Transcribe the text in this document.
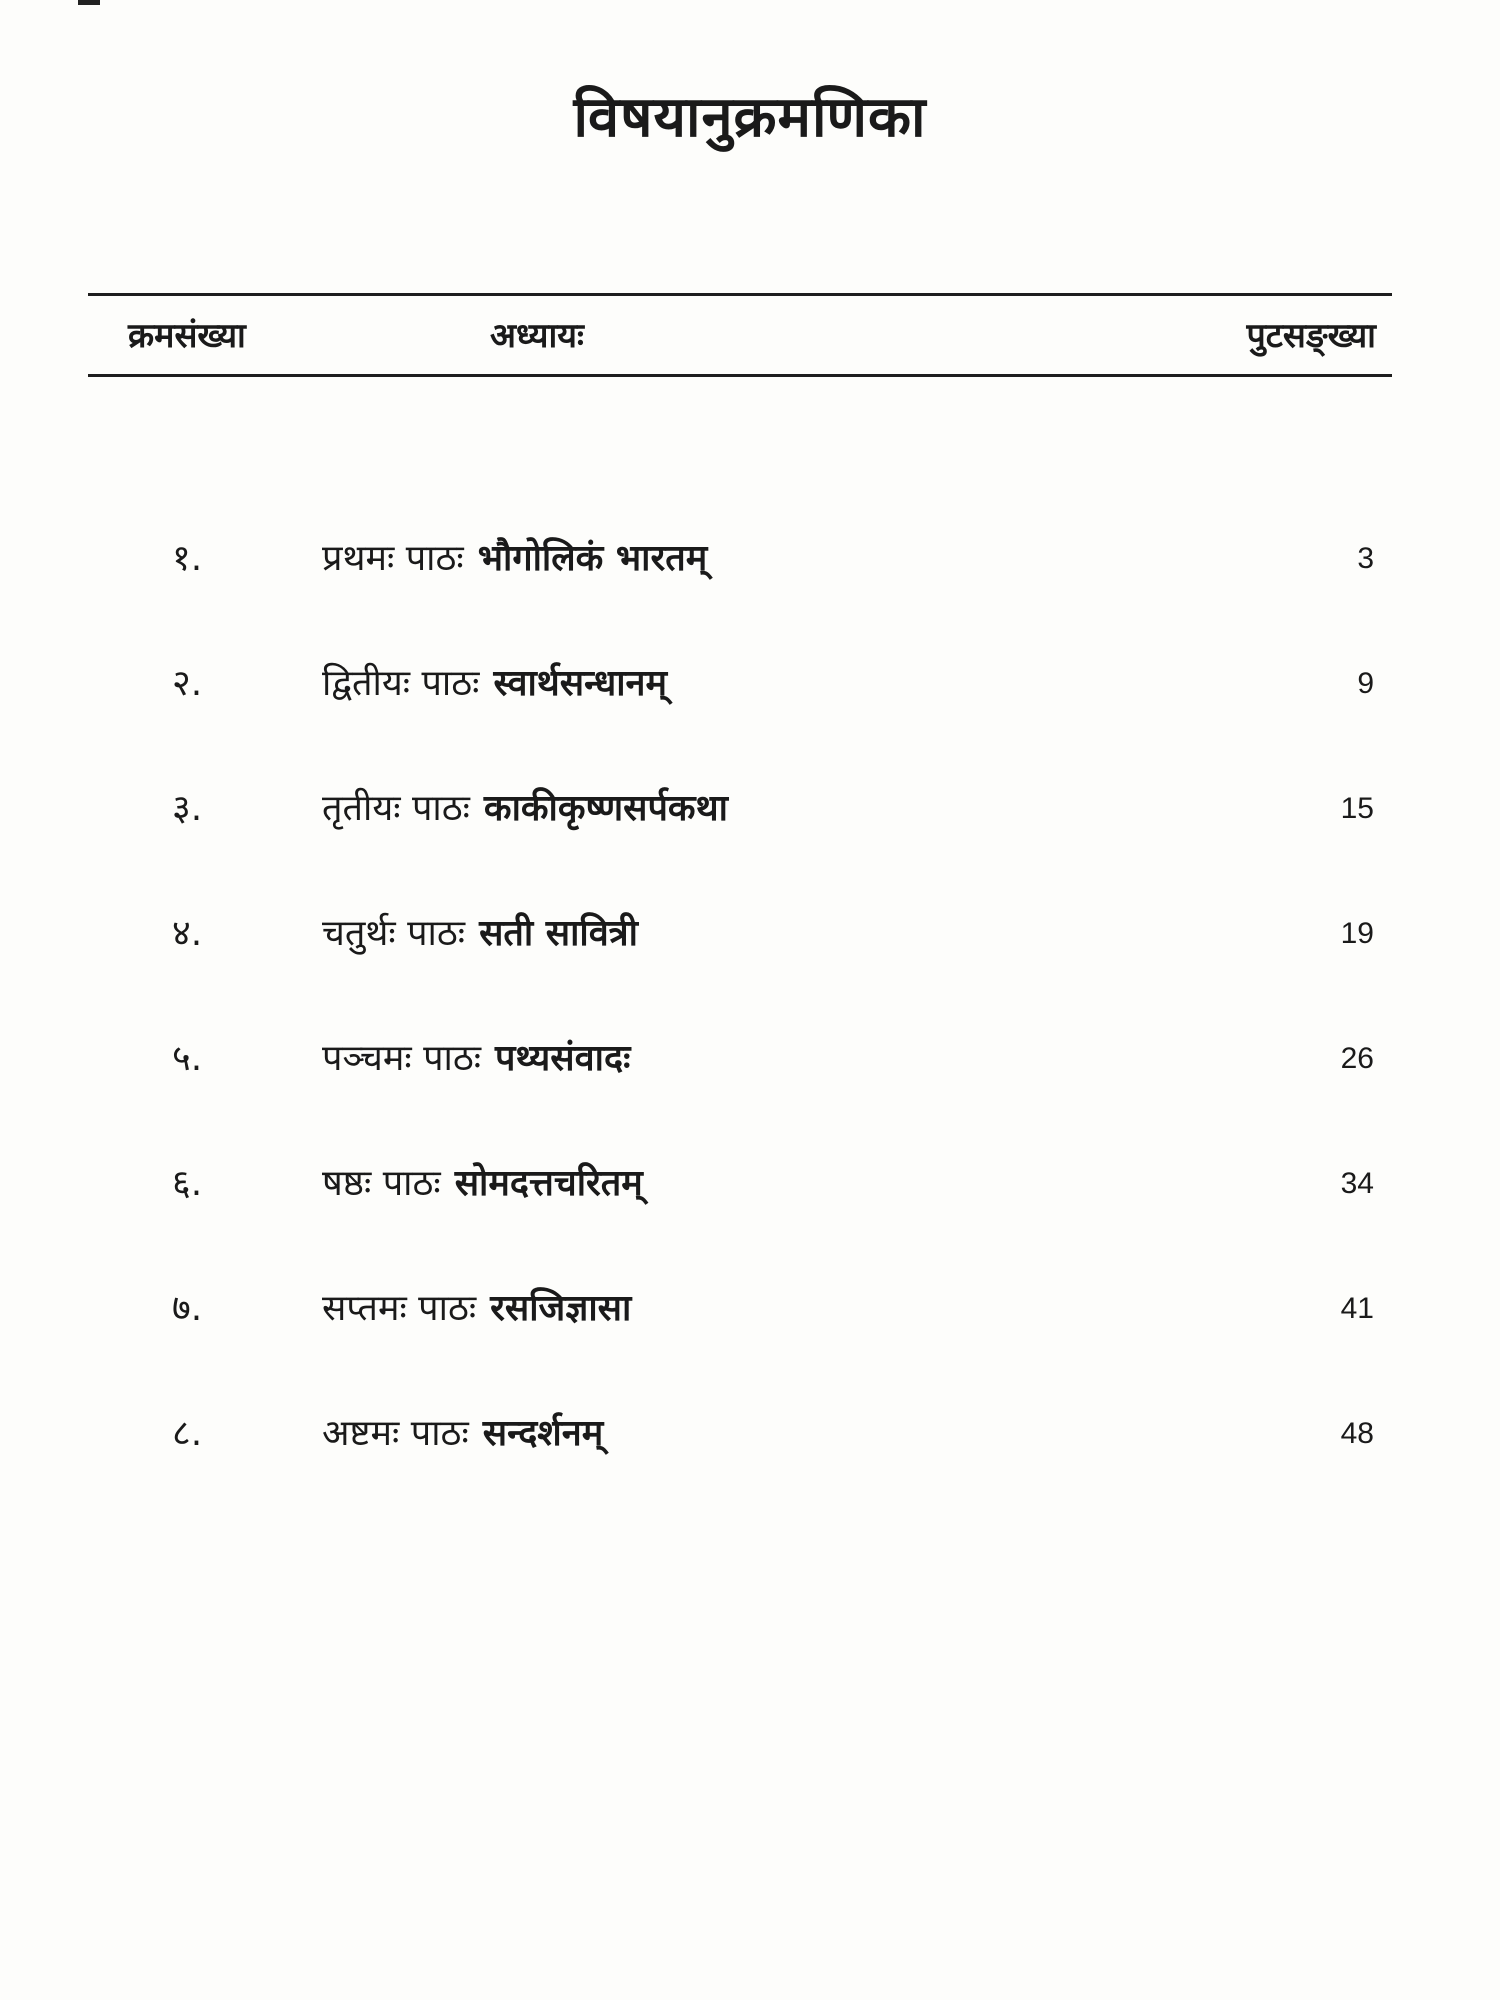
विषयानुक्रमणिका
क्रमसंख्या	अध्यायः	पुटसङ्ख्या
१.	प्रथमः पाठः भौगोलिकं भारतम्	3
२.	द्वितीयः पाठः स्वार्थसन्धानम्	9
३.	तृतीयः पाठः काकीकृष्णसर्पकथा	15
४.	चतुर्थः पाठः सती सावित्री	19
५.	पञ्चमः पाठः पथ्यसंवादः	26
६.	षष्ठः पाठः सोमदत्तचरितम्	34
७.	सप्तमः पाठः रसजिज्ञासा	41
८.	अष्टमः पाठः सन्दर्शनम्	48
